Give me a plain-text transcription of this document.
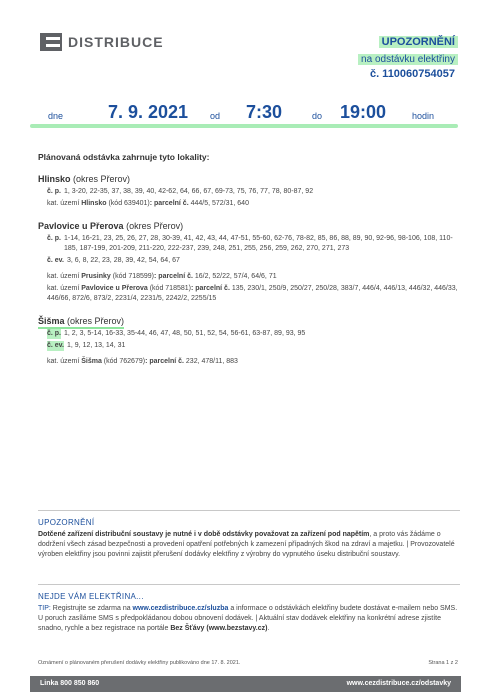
DISTRIBUCE	UPOZORNĚNÍ
na odstávku elektřiny
č. 110060754057
dne 7. 9. 2021 od 7:30	do 19:00	hodin
Plánovaná odstávka zahrnuje tyto lokality:
Hlinsko (okres Přerov)
č. p. 1, 3-20, 22-35, 37, 38, 39, 40, 42-62, 64, 66, 67, 69-73, 75, 76, 77, 78, 80-87, 92
kat. území Hlinsko (kód 639401): parcelní č. 444/5, 572/31, 640
Pavlovice u Přerova (okres Přerov)
č. p. 1-14, 16-21, 23, 25, 26, 27, 28, 30-39, 41, 42, 43, 44, 47-51, 55-60, 62-76, 78-82, 85, 86, 88, 89, 90, 92-96, 98-106, 108, 110-185, 187-199, 201-209, 211-220, 222-237, 239, 248, 251, 255, 256, 259, 262, 270, 271, 273
č. ev. 3, 6, 8, 22, 23, 28, 39, 42, 54, 64, 67
kat. území Prusinky (kód 718599): parcelní č. 16/2, 52/22, 57/4, 64/6, 71
kat. území Pavlovice u Přerova (kód 718581): parcelní č. 135, 230/1, 250/9, 250/27, 250/28, 383/7, 446/4, 446/13, 446/32, 446/33, 446/66, 872/6, 873/2, 2231/4, 2231/5, 2242/2, 2255/15
Šišma (okres Přerov)
č. p. 1, 2, 3, 5-14, 16-33, 35-44, 46, 47, 48, 50, 51, 52, 54, 56-61, 63-87, 89, 93, 95
č. ev. 1, 9, 12, 13, 14, 31
kat. území Šišma (kód 762679): parcelní č. 232, 478/11, 883
UPOZORNĚNÍ
Dotčené zařízení distribuční soustavy je nutné i v době odstávky považovat za zařízení pod napětím, a proto vás žádáme o dodržení všech zásad bezpečnosti a provedení opatření potřebných k zamezení případných škod na zdraví a majetku. | Provozovatelé výroben elektřiny jsou povinni zajistit přerušení dodávky elektřiny z výrobny do vypnutého úseku distribuční soustavy.
NEJDE VÁM ELEKTŘINA...
TIP: Registrujte se zdarma na www.cezdistribuce.cz/sluzba a informace o odstávkách elektřiny budete dostávat e-mailem nebo SMS. U poruch zasíláme SMS s předpokládanou dobou obnovení dodávek. | Aktuální stav dodávek elektřiny na konkrétní adrese zjistíte snadno, rychle a bez registrace na portále Bez Šťávy (www.bezstavy.cz).
Oznámení o plánovaném přerušení dodávky elektřiny publikováno dne 17. 8. 2021.	Strana 1 z 2
Linka 800 850 860	www.cezdistribuce.cz/odstavky
